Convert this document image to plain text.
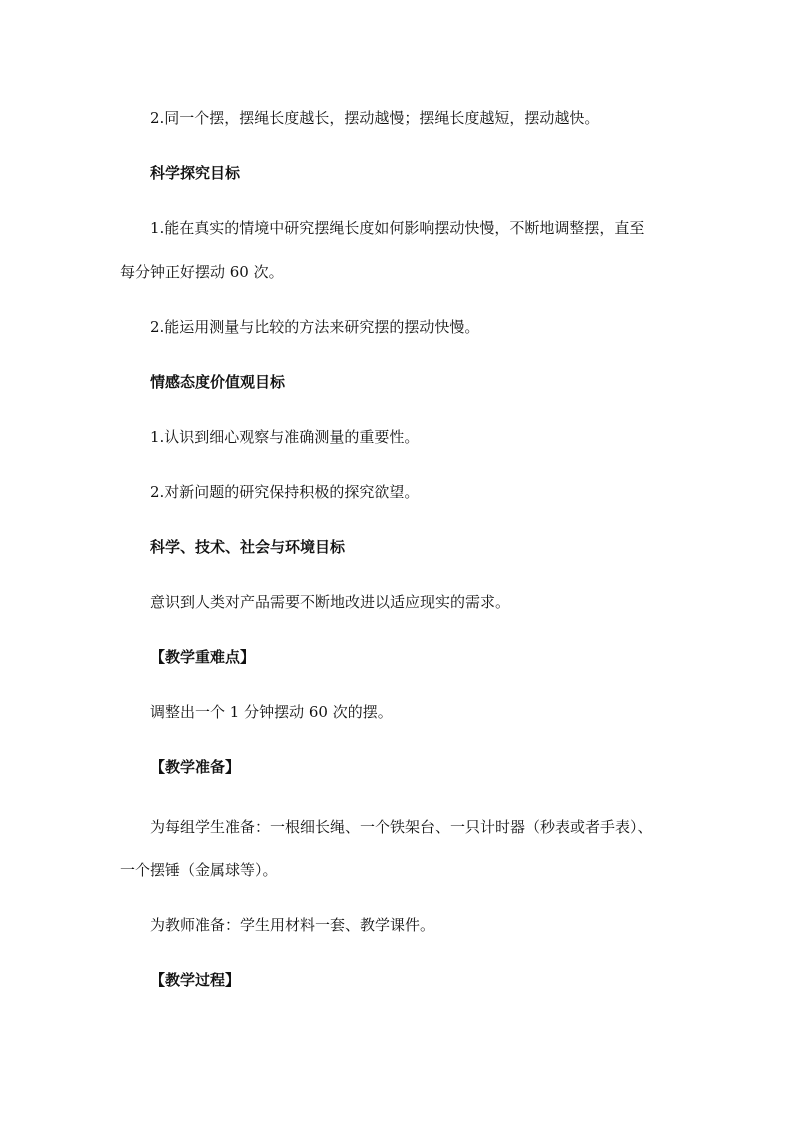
2.同一个摆，摆绳长度越长，摆动越慢；摆绳长度越短，摆动越快。
科学探究目标
1.能在真实的情境中研究摆绳长度如何影响摆动快慢，不断地调整摆，直至
每分钟正好摆动 60 次。
2.能运用测量与比较的方法来研究摆的摆动快慢。
情感态度价值观目标
1.认识到细心观察与准确测量的重要性。
2.对新问题的研究保持积极的探究欲望。
科学、技术、社会与环境目标
意识到人类对产品需要不断地改进以适应现实的需求。
【教学重难点】
调整出一个 1 分钟摆动 60 次的摆。
【教学准备】
为每组学生准备：一根细长绳、一个铁架台、一只计时器（秒表或者手表）、
一个摆锤（金属球等）。
为教师准备：学生用材料一套、教学课件。
【教学过程】
